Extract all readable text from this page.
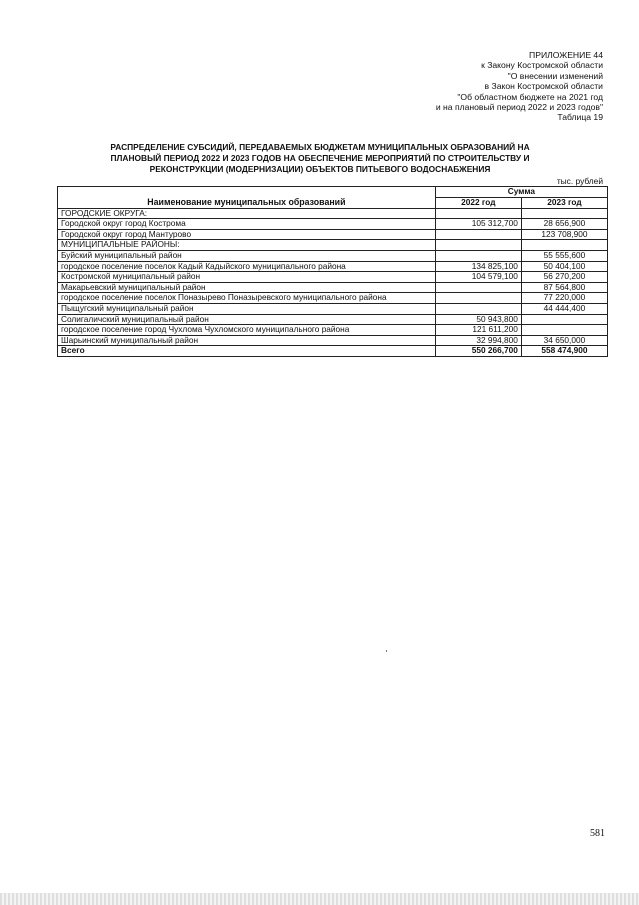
ПРИЛОЖЕНИЕ 44
к Закону Костромской области
"О внесении изменений
в Закон Костромской области
"Об областном бюджете на 2021 год
и на плановый период 2022 и 2023 годов"
Таблица 19
РАСПРЕДЕЛЕНИЕ СУБСИДИЙ, ПЕРЕДАВАЕМЫХ БЮДЖЕТАМ МУНИЦИПАЛЬНЫХ ОБРАЗОВАНИЙ НА
ПЛАНОВЫЙ ПЕРИОД 2022 И 2023 ГОДОВ НА ОБЕСПЕЧЕНИЕ МЕРОПРИЯТИЙ ПО СТРОИТЕЛЬСТВУ И
РЕКОНСТРУКЦИИ (МОДЕРНИЗАЦИИ) ОБЪЕКТОВ ПИТЬЕВОГО ВОДОСНАБЖЕНИЯ
тыс. рублей
Наименование муниципальных образований	Сумма	
	2022 год	2023 год
ГОРОДСКИЕ ОКРУГА:		
Городской округ город Кострома	105 312,700	28 656,900
Городской округ город Мантурово		123 708,900
МУНИЦИПАЛЬНЫЕ РАЙОНЫ:		
Буйский муниципальный район		55 555,600
городское поселение поселок Кадый Кадыйского муниципального района	134 825,100	50 404,100
Костромской муниципальный район	104 579,100	56 270,200
Макарьевский муниципальный район		87 564,800
городское поселение поселок Поназырево Поназыревского муниципального района		77 220,000
Пыщугский муниципальный район		44 444,400
Солигаличский муниципальный район	50 943,800	
городское поселение город Чухлома Чухломского муниципального района	121 611,200	
Шарьинский муниципальный район	32 994,800	34 650,000
Всего	550 266,700	558 474,900
581
